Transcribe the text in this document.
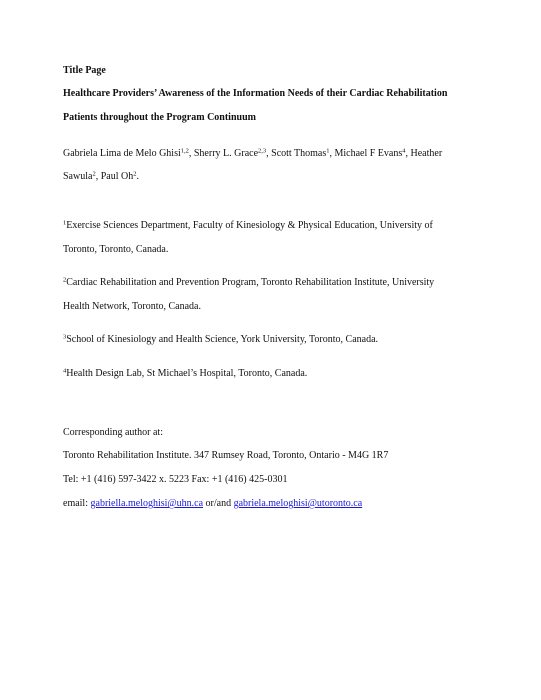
Title Page
Healthcare Providers’ Awareness of the Information Needs of their Cardiac Rehabilitation
Patients throughout the Program Continuum
Gabriela Lima de Melo Ghisi$^{1,2}$, Sherry L. Grace$^{2,3}$, Scott Thomas$^1$, Michael F Evans$^4$, Heather
Sawula$^2$, Paul Oh$^2$.
$^1$Exercise Sciences Department, Faculty of Kinesiology & Physical Education, University of
Toronto, Toronto, Canada.
$^2$Cardiac Rehabilitation and Prevention Program, Toronto Rehabilitation Institute, University
Health Network, Toronto, Canada.
$^3$School of Kinesiology and Health Science, York University, Toronto, Canada.
$^4$Health Design Lab, St Michael’s Hospital, Toronto, Canada.
Corresponding author at:
Toronto Rehabilitation Institute. 347 Rumsey Road, Toronto, Ontario - M4G 1R7
Tel: +1 (416) 597-3422 x. 5223 Fax: +1 (416) 425-0301
email: gabriella.meloghisi@uhn.ca or/and gabriela.meloghisi@utoronto.ca
